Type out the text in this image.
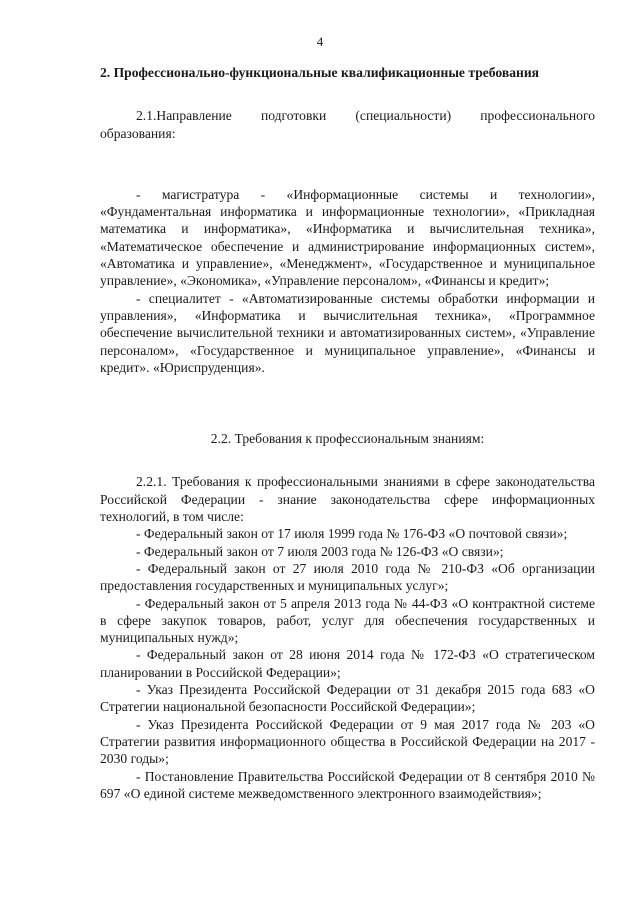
4

2. Профессионально-функциональные квалификационные требования

2.1.Направление подготовки (специальности) профессионального образования:

- магистратура - «Информационные системы и технологии», «Фундаментальная информатика и информационные технологии», «Прикладная математика и информатика», «Информатика и вычислительная техника», «Математическое обеспечение и администрирование информационных систем», «Автоматика и управление», «Менеджмент», «Государственное и муниципальное управление», «Экономика», «Управление персоналом», «Финансы и кредит»;

- специалитет - «Автоматизированные системы обработки информации и управления», «Информатика и вычислительная техника», «Программное обеспечение вычислительной техники и автоматизированных систем», «Управление персоналом», «Государственное и муниципальное управление», «Финансы и кредит». «Юриспруденция».

2.2. Требования к профессиональным знаниям:

2.2.1. Требования к профессиональными знаниями в сфере законодательства Российской Федерации - знание законодательства сфере информационных технологий, в том числе:

- Федеральный закон от 17 июля 1999 года № 176-ФЗ «О почтовой связи»;

- Федеральный закон от 7 июля 2003 года № 126-ФЗ «О связи»;

- Федеральный закон от 27 июля 2010 года № 210-ФЗ «Об организации предоставления государственных и муниципальных услуг»;

- Федеральный закон от 5 апреля 2013 года № 44-ФЗ «О контрактной системе в сфере закупок товаров, работ, услуг для обеспечения государственных и муниципальных нужд»;

- Федеральный закон от 28 июня 2014 года № 172-ФЗ «О стратегическом планировании в Российской Федерации»;

- Указ Президента Российской Федерации от 31 декабря 2015 года 683 «О Стратегии национальной безопасности Российской Федерации»;

- Указ Президента Российской Федерации от 9 мая 2017 года № 203 «О Стратегии развития информационного общества в Российской Федерации на 2017 - 2030 годы»;

- Постановление Правительства Российской Федерации от 8 сентября 2010 № 697 «О единой системе межведомственного электронного взаимодействия»;
